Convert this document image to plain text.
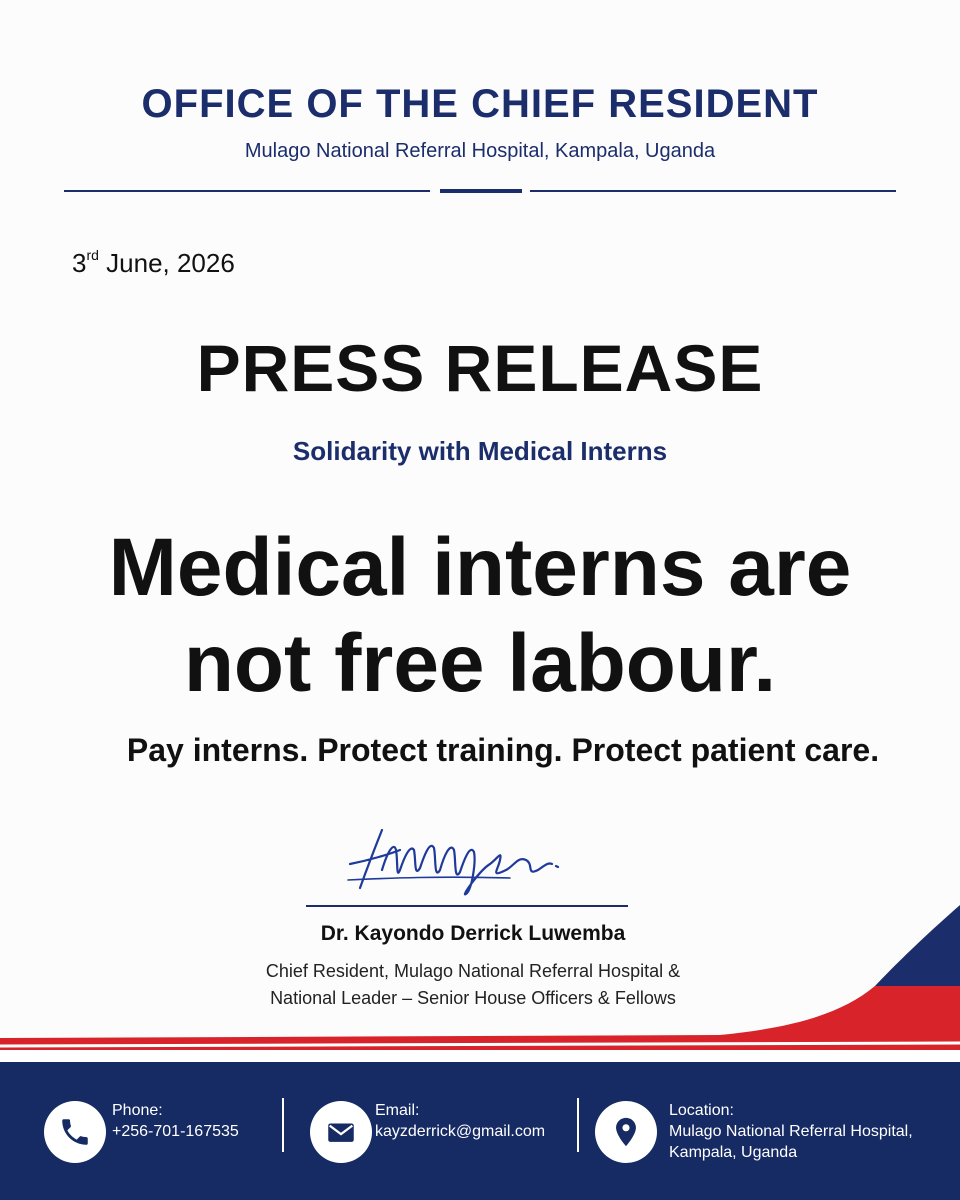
OFFICE OF THE CHIEF RESIDENT
Mulago National Referral Hospital, Kampala, Uganda
3rd June, 2026
PRESS RELEASE
Solidarity with Medical Interns
Medical interns are
not free labour.
Pay interns. Protect training. Protect patient care.
Dr. Kayondo Derrick Luwemba
Chief Resident, Mulago National Referral Hospital &
National Leader – Senior House Officers & Fellows
Phone:
+256-701-167535
Email:
kayzderrick@gmail.com
Location:
Mulago National Referral Hospital,
Kampala, Uganda
